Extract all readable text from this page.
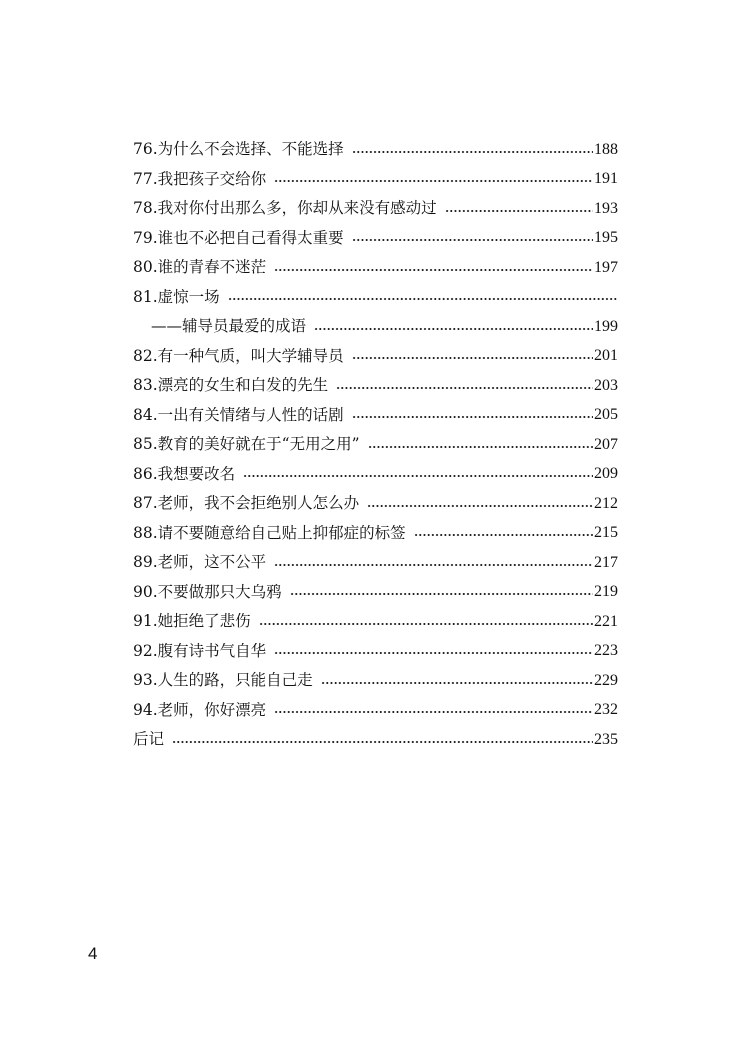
76.为什么不会选择、不能选择	188
77.我把孩子交给你	191
78.我对你付出那么多，你却从来没有感动过	193
79.谁也不必把自己看得太重要	195
80.谁的青春不迷茫	197
81.虚惊一场
——辅导员最爱的成语	199
82.有一种气质，叫大学辅导员	201
83.漂亮的女生和白发的先生	203
84.一出有关情绪与人性的话剧	205
85.教育的美好就在于“无用之用”	207
86.我想要改名	209
87.老师，我不会拒绝别人怎么办	212
88.请不要随意给自己贴上抑郁症的标签	215
89.老师，这不公平	217
90.不要做那只大乌鸦	219
91.她拒绝了悲伤	221
92.腹有诗书气自华	223
93.人生的路，只能自己走	229
94.老师，你好漂亮	232
后记	235
4
